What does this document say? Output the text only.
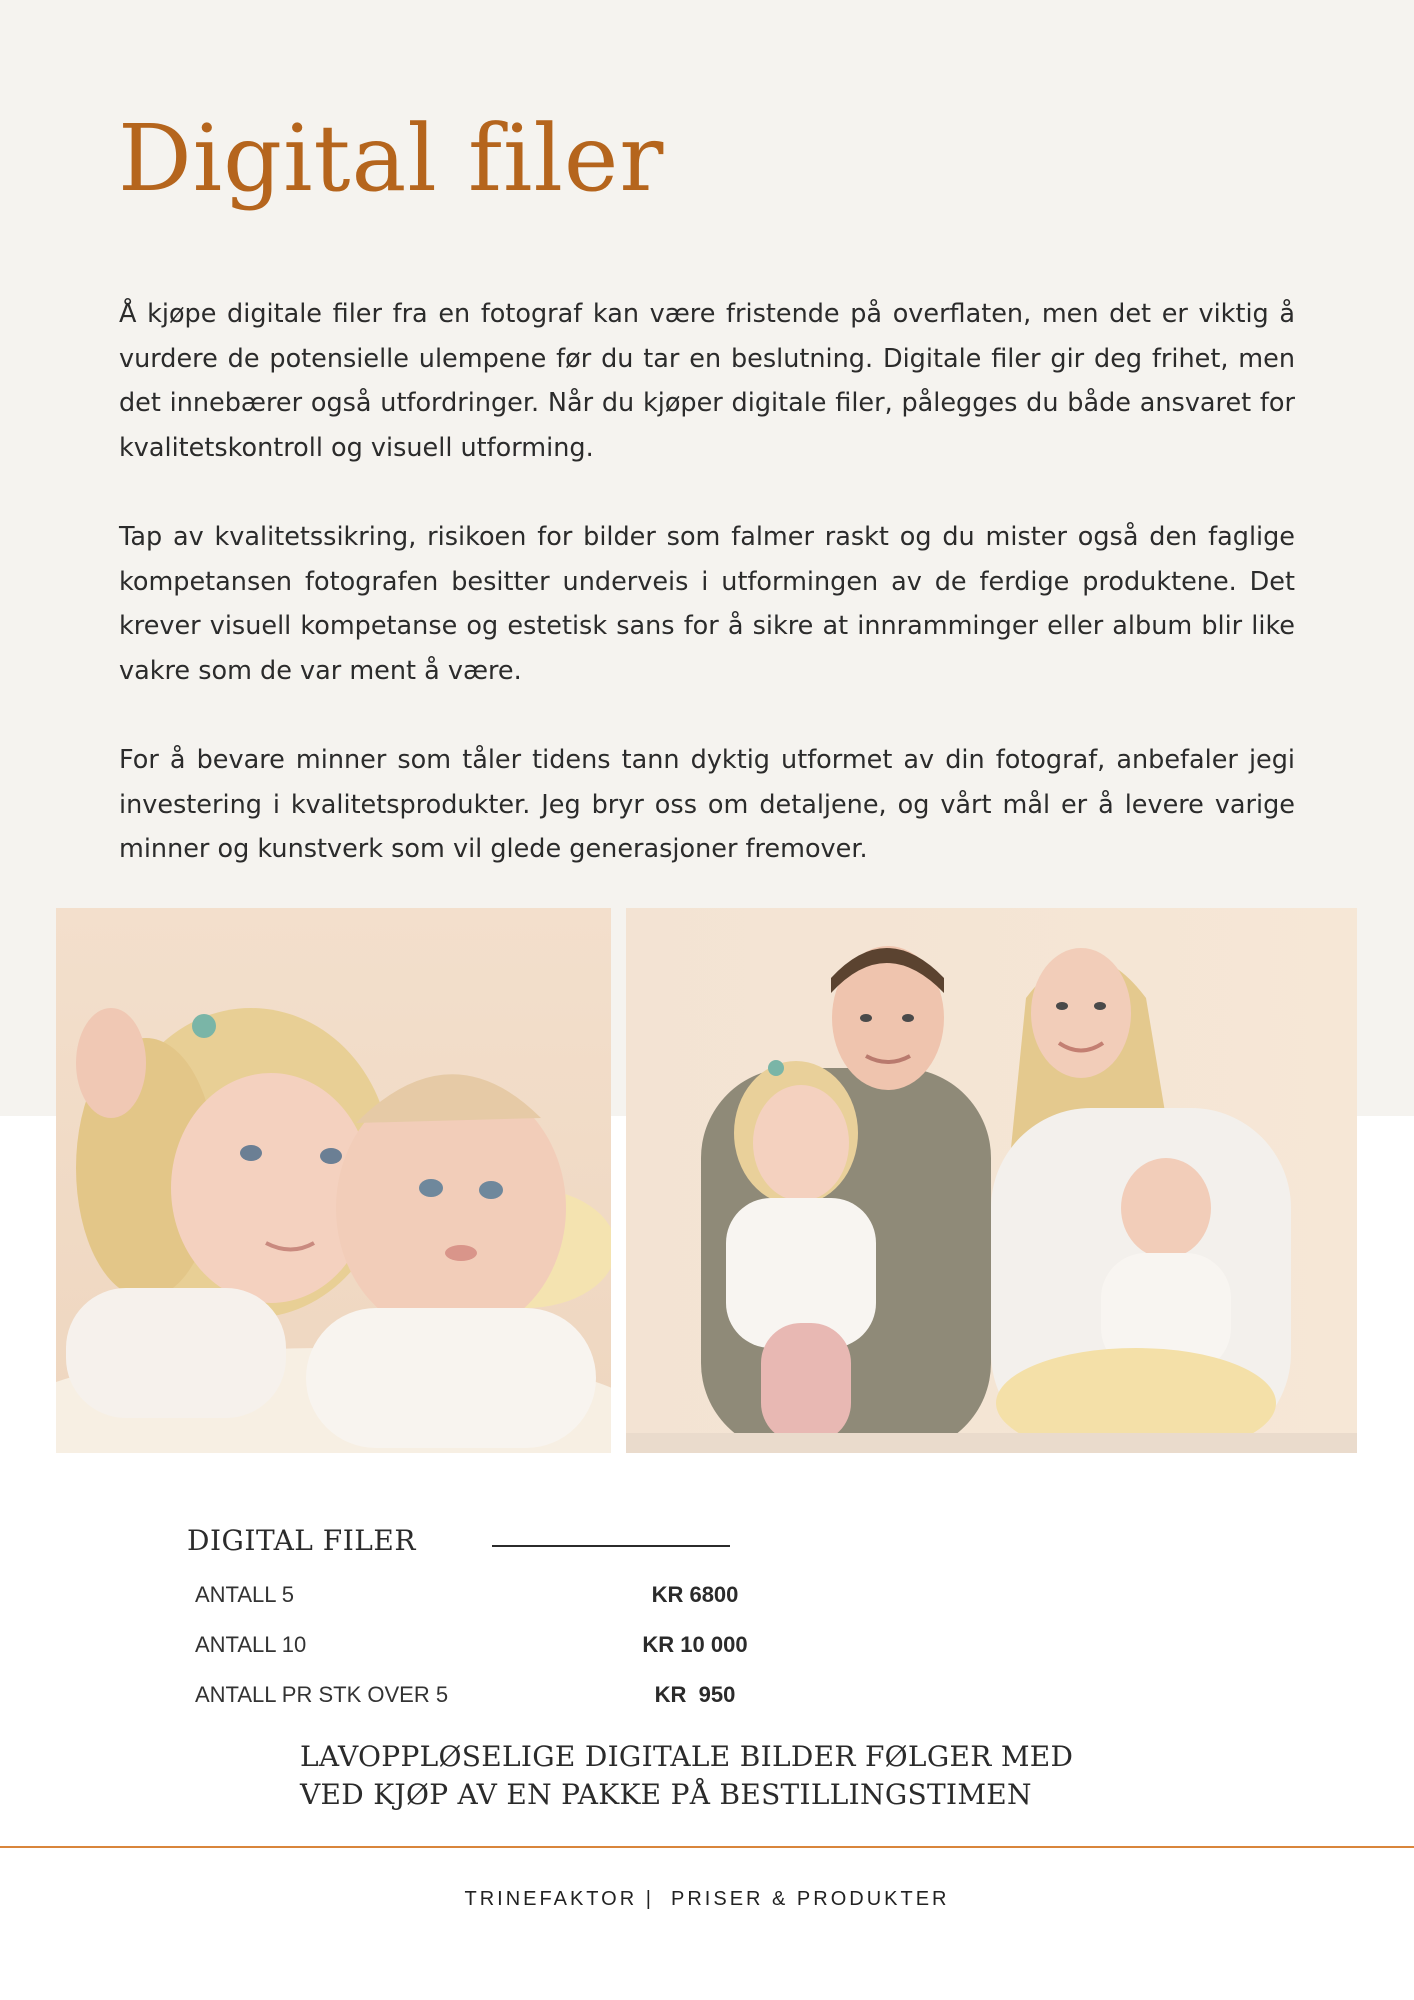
Digital filer

Å kjøpe digitale filer fra en fotograf kan være fristende på overflaten, men det er viktig å vurdere de potensielle ulempene før du tar en beslutning. Digitale filer gir deg frihet, men det innebærer også utfordringer. Når du kjøper digitale filer, pålegges du både ansvaret for kvalitetskontroll og visuell utforming.

Tap av kvalitetssikring, risikoen for bilder som falmer raskt og du mister også den faglige kompetansen fotografen besitter underveis i utformingen av de ferdige produktene. Det krever visuell kompetanse og estetisk sans for å sikre at innramminger eller album blir like vakre som de var ment å være.

For å bevare minner som tåler tidens tann dyktig utformet av din fotograf, anbefaler jegi investering i kvalitetsprodukter. Jeg bryr oss om detaljene, og vårt mål er å levere varige minner og kunstverk som vil glede generasjoner fremover.

DIGITAL FILER
ANTALL 5	KR 6800
ANTALL 10	KR 10 000
ANTALL PR STK OVER 5	KR  950
LAVOPPLØSELIGE DIGITALE BILDER FØLGER MED
VED KJØP AV EN PAKKE PÅ BESTILLINGSTIMEN
TRINEFAKTOR |  PRISER & PRODUKTER
